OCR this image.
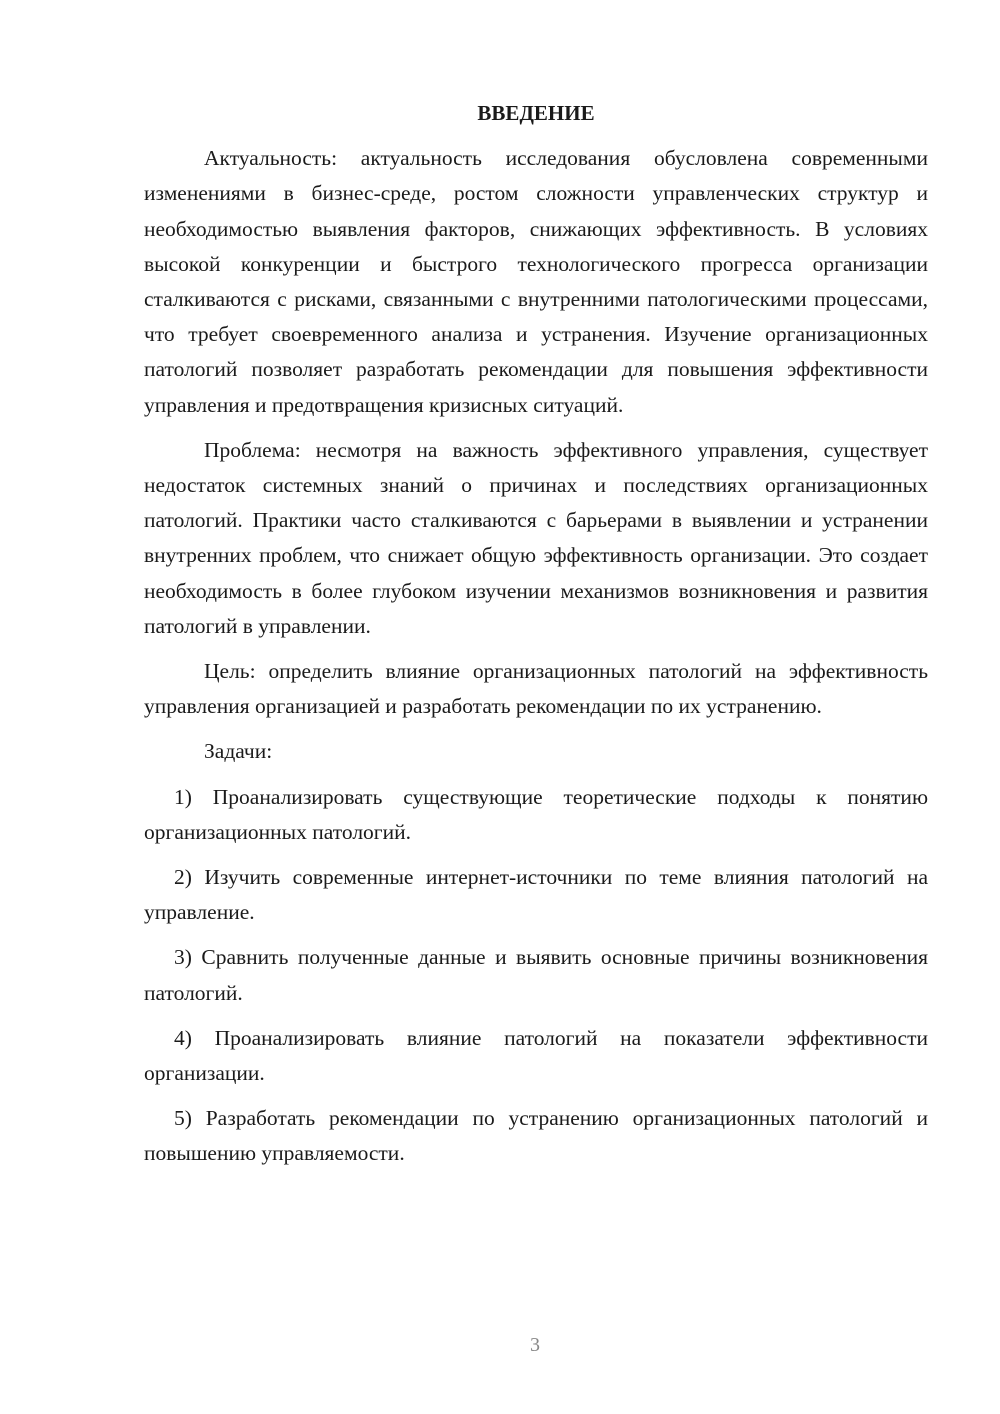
ВВЕДЕНИЕ

Актуальность: актуальность исследования обусловлена современными изменениями в бизнес-среде, ростом сложности управленческих структур и необходимостью выявления факторов, снижающих эффективность. В условиях высокой конкуренции и быстрого технологического прогресса организации сталкиваются с рисками, связанными с внутренними патологическими процессами, что требует своевременного анализа и устранения. Изучение организационных патологий позволяет разработать рекомендации для повышения эффективности управления и предотвращения кризисных ситуаций.

Проблема: несмотря на важность эффективного управления, существует недостаток системных знаний о причинах и последствиях организационных патологий. Практики часто сталкиваются с барьерами в выявлении и устранении внутренних проблем, что снижает общую эффективность организации. Это создает необходимость в более глубоком изучении механизмов возникновения и развития патологий в управлении.

Цель: определить влияние организационных патологий на эффективность управления организацией и разработать рекомендации по их устранению.

Задачи:

1) Проанализировать существующие теоретические подходы к понятию организационных патологий.

2) Изучить современные интернет-источники по теме влияния патологий на управление.

3) Сравнить полученные данные и выявить основные причины возникновения патологий.

4) Проанализировать влияние патологий на показатели эффективности организации.

5) Разработать рекомендации по устранению организационных патологий и повышению управляемости.

3
